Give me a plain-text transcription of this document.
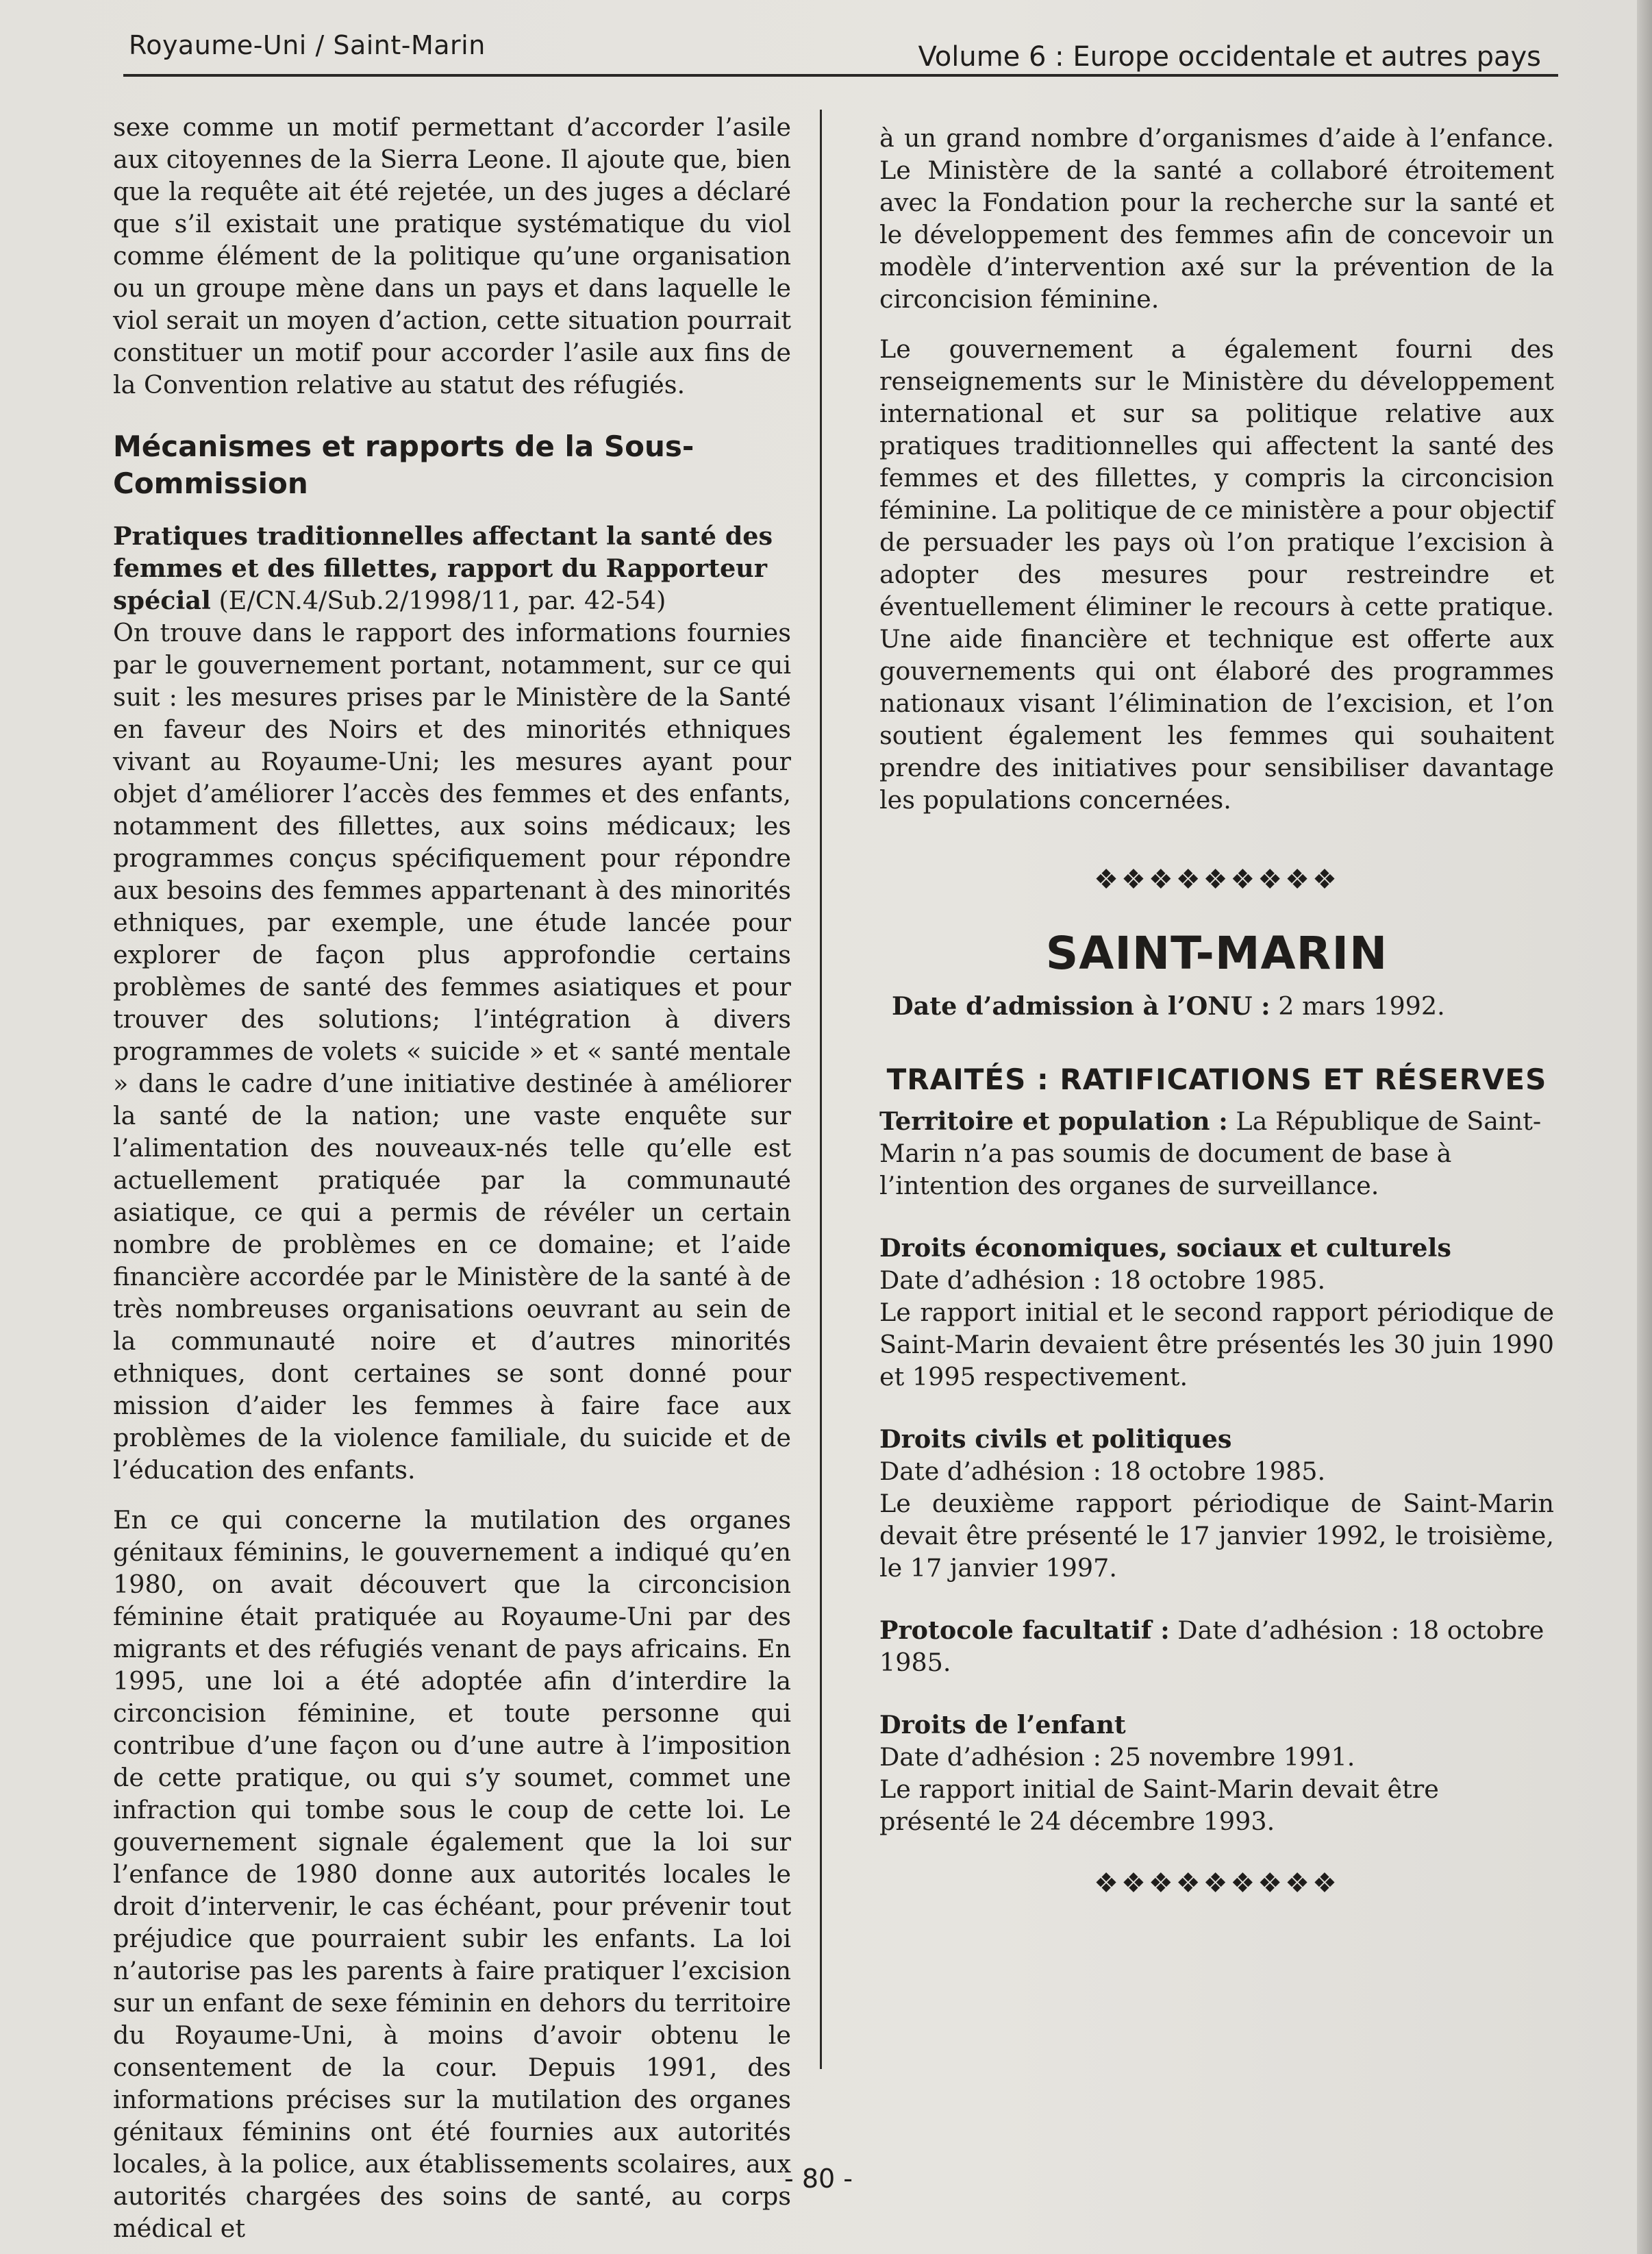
Royaume-Uni / Saint-Marin	Volume 6 : Europe occidentale et autres pays

sexe comme un motif permettant d’accorder l’asile aux citoyennes de la Sierra Leone. Il ajoute que, bien que la requête ait été rejetée, un des juges a déclaré que s’il existait une pratique systématique du viol comme élément de la politique qu’une organisation ou un groupe mène dans un pays et dans laquelle le viol serait un moyen d’action, cette situation pourrait constituer un motif pour accorder l’asile aux fins de la Convention relative au statut des réfugiés.

Mécanismes et rapports de la Sous-Commission

Pratiques traditionnelles affectant la santé des femmes et des fillettes, rapport du Rapporteur spécial (E/CN.4/Sub.2/1998/11, par. 42-54)

On trouve dans le rapport des informations fournies par le gouvernement portant, notamment, sur ce qui suit : les mesures prises par le Ministère de la Santé en faveur des Noirs et des minorités ethniques vivant au Royaume-Uni; les mesures ayant pour objet d’améliorer l’accès des femmes et des enfants, notamment des fillettes, aux soins médicaux; les programmes conçus spécifiquement pour répondre aux besoins des femmes appartenant à des minorités ethniques, par exemple, une étude lancée pour explorer de façon plus approfondie certains problèmes de santé des femmes asiatiques et pour trouver des solutions; l’intégration à divers programmes de volets « suicide » et « santé mentale » dans le cadre d’une initiative destinée à améliorer la santé de la nation; une vaste enquête sur l’alimentation des nouveaux-nés telle qu’elle est actuellement pratiquée par la communauté asiatique, ce qui a permis de révéler un certain nombre de problèmes en ce domaine; et l’aide financière accordée par le Ministère de la santé à de très nombreuses organisations oeuvrant au sein de la communauté noire et d’autres minorités ethniques, dont certaines se sont donné pour mission d’aider les femmes à faire face aux problèmes de la violence familiale, du suicide et de l’éducation des enfants.

En ce qui concerne la mutilation des organes génitaux féminins, le gouvernement a indiqué qu’en 1980, on avait découvert que la circoncision féminine était pratiquée au Royaume-Uni par des migrants et des réfugiés venant de pays africains. En 1995, une loi a été adoptée afin d’interdire la circoncision féminine, et toute personne qui contribue d’une façon ou d’une autre à l’imposition de cette pratique, ou qui s’y soumet, commet une infraction qui tombe sous le coup de cette loi. Le gouvernement signale également que la loi sur l’enfance de 1980 donne aux autorités locales le droit d’intervenir, le cas échéant, pour prévenir tout préjudice que pourraient subir les enfants. La loi n’autorise pas les parents à faire pratiquer l’excision sur un enfant de sexe féminin en dehors du territoire du Royaume-Uni, à moins d’avoir obtenu le consentement de la cour. Depuis 1991, des informations précises sur la mutilation des organes génitaux féminins ont été fournies aux autorités locales, à la police, aux établissements scolaires, aux autorités chargées des soins de santé, au corps médical et

à un grand nombre d’organismes d’aide à l’enfance. Le Ministère de la santé a collaboré étroitement avec la Fondation pour la recherche sur la santé et le développement des femmes afin de concevoir un modèle d’intervention axé sur la prévention de la circoncision féminine.

Le gouvernement a également fourni des renseignements sur le Ministère du développement international et sur sa politique relative aux pratiques traditionnelles qui affectent la santé des femmes et des fillettes, y compris la circoncision féminine. La politique de ce ministère a pour objectif de persuader les pays où l’on pratique l’excision à adopter des mesures pour restreindre et éventuellement éliminer le recours à cette pratique. Une aide financière et technique est offerte aux gouvernements qui ont élaboré des programmes nationaux visant l’élimination de l’excision, et l’on soutient également les femmes qui souhaitent prendre des initiatives pour sensibiliser davantage les populations concernées.

❖❖❖❖❖❖❖❖❖
SAINT-MARIN

Date d’admission à l’ONU : 2 mars 1992.

TRAITÉS : RATIFICATIONS ET RÉSERVES
Territoire et population : La République de Saint-Marin n’a pas soumis de document de base à l’intention des organes de surveillance.
Droits économiques, sociaux et culturels
Date d’adhésion : 18 octobre 1985.
Le rapport initial et le second rapport périodique de Saint-Marin devaient être présentés les 30 juin 1990 et 1995 respectivement.
Droits civils et politiques
Date d’adhésion : 18 octobre 1985.
Le deuxième rapport périodique de Saint-Marin devait être présenté le 17 janvier 1992, le troisième, le 17 janvier 1997.
Protocole facultatif : Date d’adhésion : 18 octobre 1985.
Droits de l’enfant
Date d’adhésion : 25 novembre 1991.
Le rapport initial de Saint-Marin devait être présenté le 24 décembre 1993.
❖❖❖❖❖❖❖❖❖
- 80 -
